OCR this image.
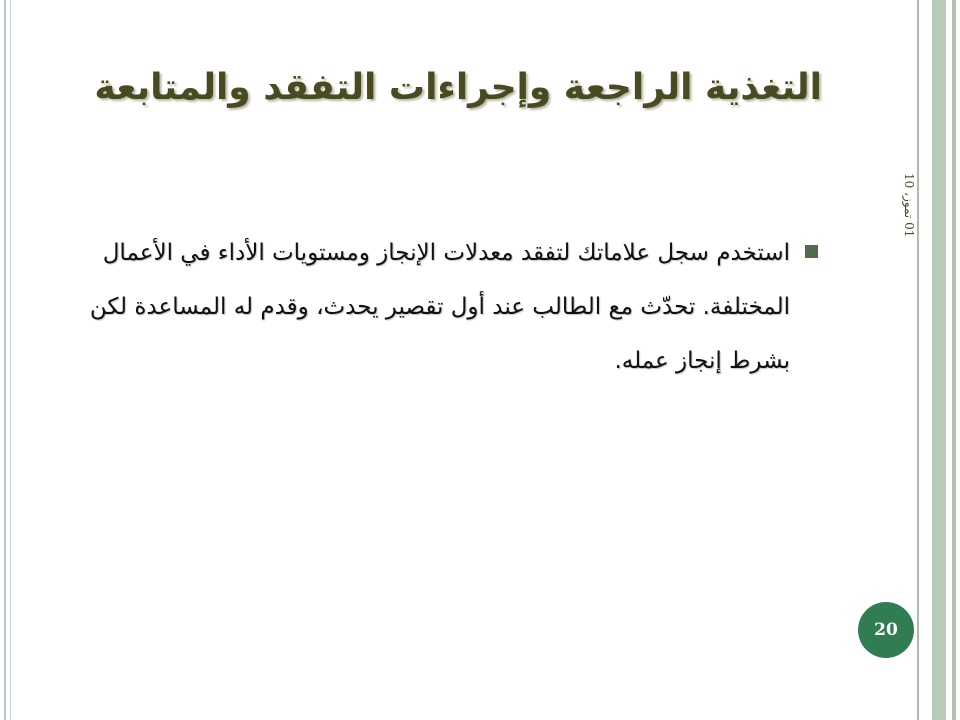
التغذية الراجعة وإجراءات التفقد والمتابعة
01 تموز، 10
استخدم سجل علاماتك لتفقد معدلات الإنجاز ومستويات الأداء في الأعمال المختلفة. تحدّث مع الطالب عند أول تقصير يحدث، وقدم له المساعدة لكن بشرط إنجاز عمله.
20
